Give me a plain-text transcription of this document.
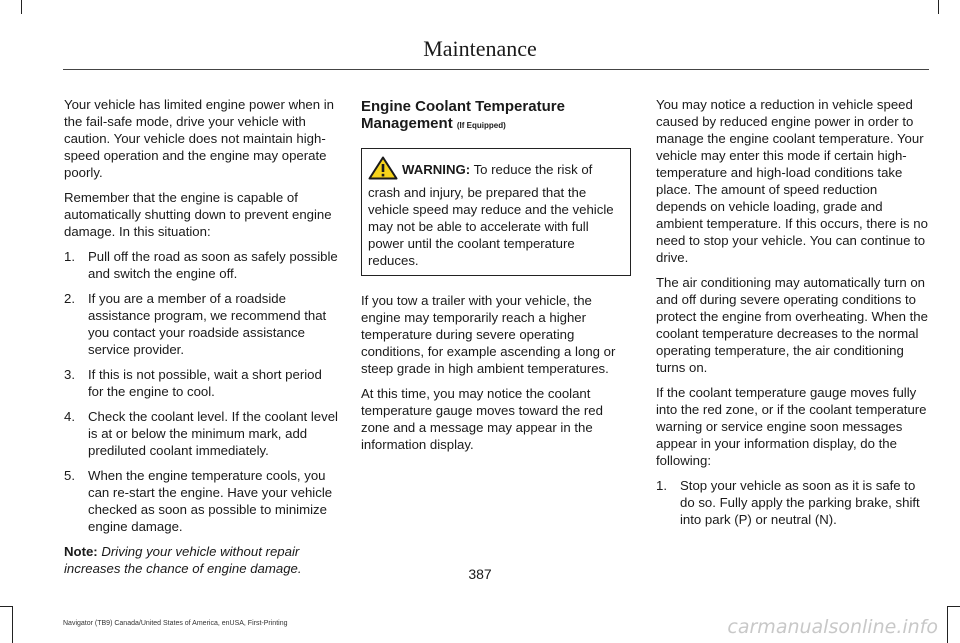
Maintenance

Your vehicle has limited engine power when in the fail-safe mode, drive your vehicle with caution. Your vehicle does not maintain high-speed operation and the engine may operate poorly.

Remember that the engine is capable of automatically shutting down to prevent engine damage. In this situation:

1. Pull off the road as soon as safely possible and switch the engine off.
2. If you are a member of a roadside assistance program, we recommend that you contact your roadside assistance service provider.
3. If this is not possible, wait a short period for the engine to cool.
4. Check the coolant level. If the coolant level is at or below the minimum mark, add prediluted coolant immediately.
5. When the engine temperature cools, you can re-start the engine. Have your vehicle checked as soon as possible to minimize engine damage.

Note: Driving your vehicle without repair increases the chance of engine damage.

Engine Coolant Temperature Management (If Equipped)
WARNING: To reduce the risk of crash and injury, be prepared that the vehicle speed may reduce and the vehicle may not be able to accelerate with full power until the coolant temperature reduces.

If you tow a trailer with your vehicle, the engine may temporarily reach a higher temperature during severe operating conditions, for example ascending a long or steep grade in high ambient temperatures.

At this time, you may notice the coolant temperature gauge moves toward the red zone and a message may appear in the information display.

You may notice a reduction in vehicle speed caused by reduced engine power in order to manage the engine coolant temperature. Your vehicle may enter this mode if certain high-temperature and high-load conditions take place. The amount of speed reduction depends on vehicle loading, grade and ambient temperature. If this occurs, there is no need to stop your vehicle. You can continue to drive.

The air conditioning may automatically turn on and off during severe operating conditions to protect the engine from overheating. When the coolant temperature decreases to the normal operating temperature, the air conditioning turns on.

If the coolant temperature gauge moves fully into the red zone, or if the coolant temperature warning or service engine soon messages appear in your information display, do the following:

1. Stop your vehicle as soon as it is safe to do so. Fully apply the parking brake, shift into park (P) or neutral (N).
387
Navigator (TB9) Canada/United States of America, enUSA, First-Printing	carmanualsonline.info
